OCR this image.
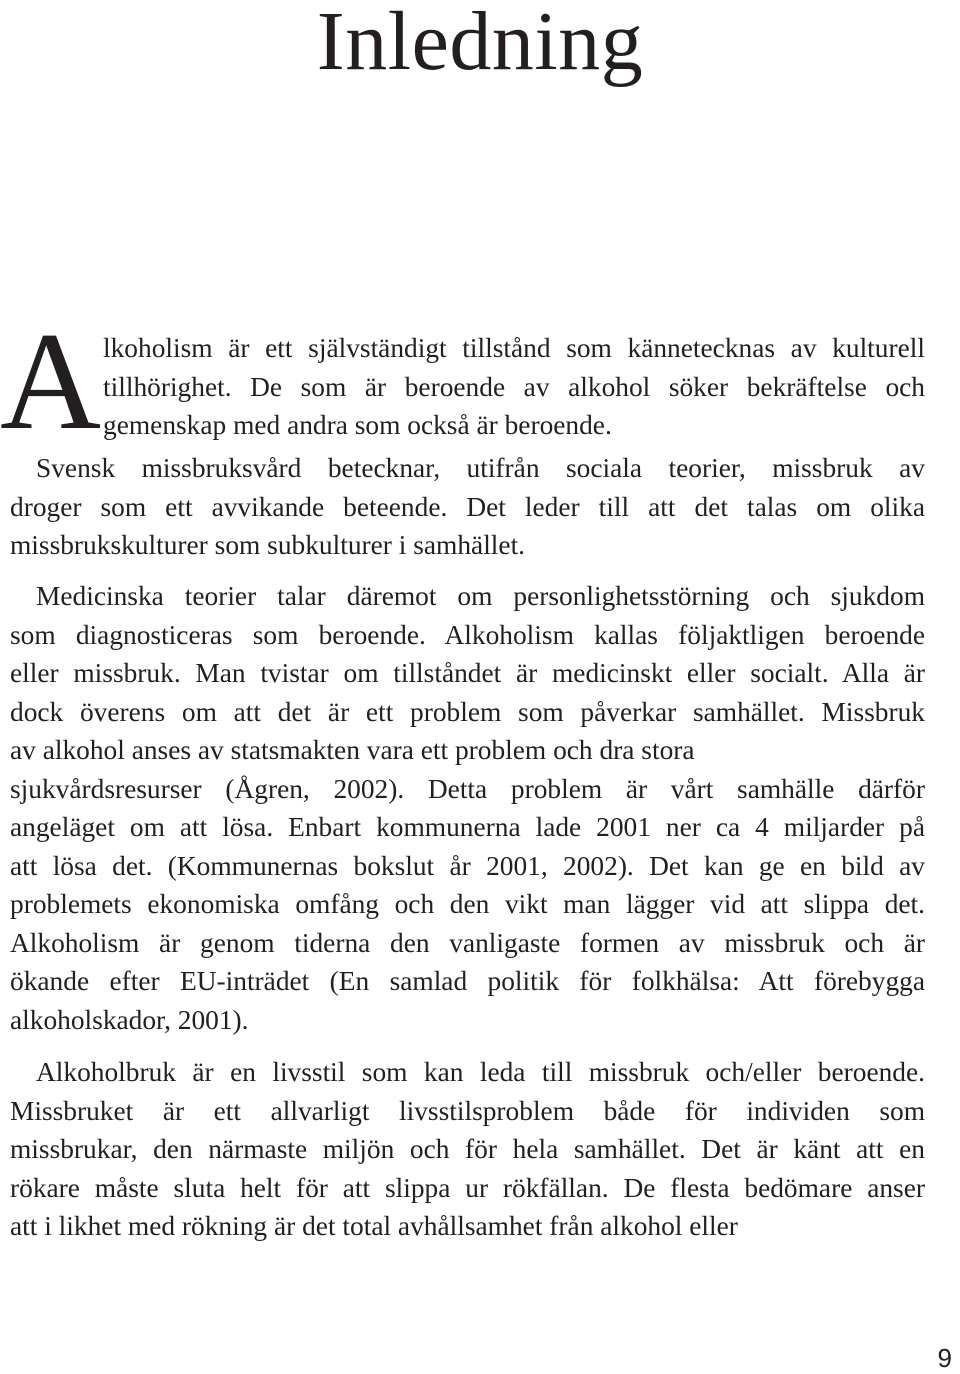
Inledning
A lkoholism är ett självständigt tillstånd som kännetecknas av kulturell
tillhörighet. De som är beroende av alkohol söker bekräftelse och
gemenskap med andra som också är beroende.
Svensk missbruksvård betecknar, utifrån sociala teorier, missbruk av
droger som ett avvikande beteende. Det leder till att det talas om olika
missbrukskulturer som subkulturer i samhället.
Medicinska teorier talar däremot om personlighetsstörning och sjukdom
som diagnosticeras som beroende. Alkoholism kallas följaktligen beroende
eller missbruk. Man tvistar om tillståndet är medicinskt eller socialt. Alla är
dock överens om att det är ett problem som påverkar samhället. Missbruk
av alkohol anses av statsmakten vara ett problem och dra stora
sjukvårdsresurser (Ågren, 2002). Detta problem är vårt samhälle därför
angeläget om att lösa. Enbart kommunerna lade 2001 ner ca 4 miljarder på
att lösa det. (Kommunernas bokslut år 2001, 2002). Det kan ge en bild av
problemets ekonomiska omfång och den vikt man lägger vid att slippa det.
Alkoholism är genom tiderna den vanligaste formen av missbruk och är
ökande efter EU-inträdet (En samlad politik för folkhälsa: Att förebygga
alkoholskador, 2001).
Alkoholbruk är en livsstil som kan leda till missbruk och/eller beroende.
Missbruket är ett allvarligt livsstilsproblem både för individen som
missbrukar, den närmaste miljön och för hela samhället. Det är känt att en
rökare måste sluta helt för att slippa ur rökfällan. De flesta bedömare anser
att i likhet med rökning är det total avhållsamhet från alkohol eller
9
